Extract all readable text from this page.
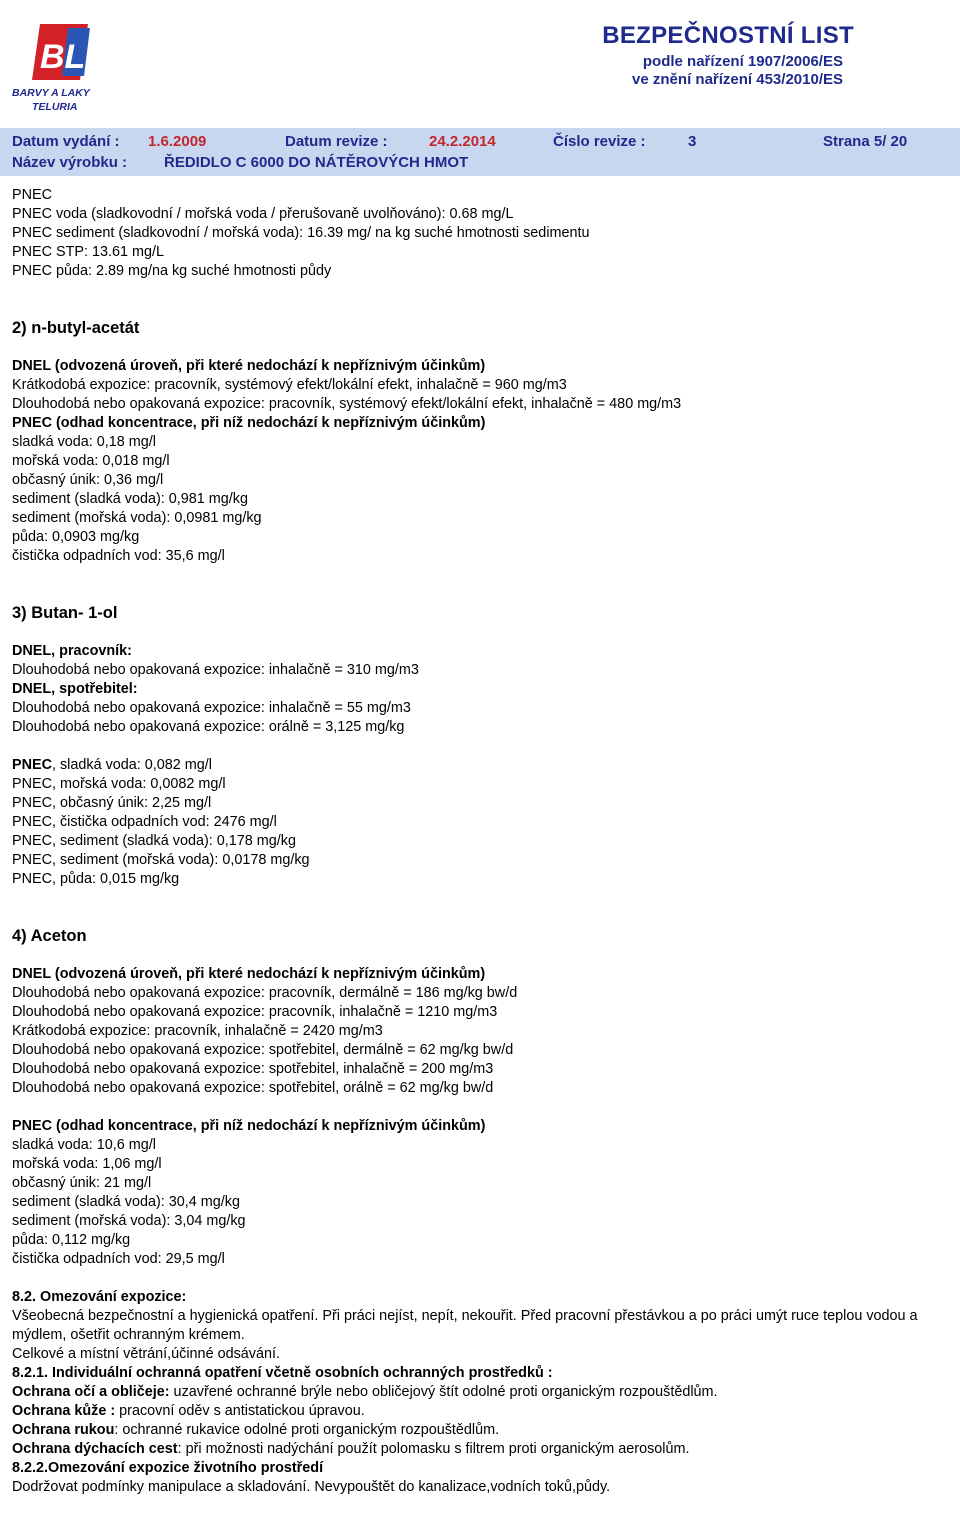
BL
BARVY A LAKY
TELURIA
BEZPEČNOSTNÍ LIST
podle nařízení 1907/2006/ES
ve znění nařízení 453/2010/ES
Datum vydání : 1.6.2009	Datum revize :	24.2.2014	Číslo revize :	3	Strana 5/ 20
Název výrobku : ŘEDIDLO C 6000 DO NÁTĚROVÝCH HMOT
PNEC
PNEC voda (sladkovodní / mořská voda / přerušovaně uvolňováno): 0.68 mg/L
PNEC sediment (sladkovodní / mořská voda): 16.39 mg/ na kg suché hmotnosti sedimentu
PNEC STP: 13.61 mg/L
PNEC půda: 2.89 mg/na kg suché hmotnosti půdy
2) n-butyl-acetát
DNEL (odvozená úroveň, při které nedochází k nepříznivým účinkům)
Krátkodobá expozice: pracovník, systémový efekt/lokální efekt, inhalačně = 960 mg/m3
Dlouhodobá nebo opakovaná expozice: pracovník, systémový efekt/lokální efekt, inhalačně = 480 mg/m3
PNEC (odhad koncentrace, při níž nedochází k nepříznivým účinkům)
sladká voda: 0,18 mg/l
mořská voda: 0,018 mg/l
občasný únik: 0,36 mg/l
sediment (sladká voda): 0,981 mg/kg
sediment (mořská voda): 0,0981 mg/kg
půda: 0,0903 mg/kg
čistička odpadních vod: 35,6 mg/l
3) Butan- 1-ol
DNEL, pracovník:
Dlouhodobá nebo opakovaná expozice: inhalačně = 310 mg/m3
DNEL, spotřebitel:
Dlouhodobá nebo opakovaná expozice: inhalačně = 55 mg/m3
Dlouhodobá nebo opakovaná expozice: orálně = 3,125 mg/kg
PNEC, sladká voda: 0,082 mg/l
PNEC, mořská voda: 0,0082 mg/l
PNEC, občasný únik: 2,25 mg/l
PNEC, čistička odpadních vod: 2476 mg/l
PNEC, sediment (sladká voda): 0,178 mg/kg
PNEC, sediment (mořská voda): 0,0178 mg/kg
PNEC, půda: 0,015 mg/kg
4) Aceton
DNEL (odvozená úroveň, při které nedochází k nepříznivým účinkům)
Dlouhodobá nebo opakovaná expozice: pracovník, dermálně = 186 mg/kg bw/d
Dlouhodobá nebo opakovaná expozice: pracovník, inhalačně = 1210 mg/m3
Krátkodobá expozice: pracovník, inhalačně = 2420 mg/m3
Dlouhodobá nebo opakovaná expozice: spotřebitel, dermálně = 62 mg/kg bw/d
Dlouhodobá nebo opakovaná expozice: spotřebitel, inhalačně = 200 mg/m3
Dlouhodobá nebo opakovaná expozice: spotřebitel, orálně = 62 mg/kg bw/d
PNEC (odhad koncentrace, při níž nedochází k nepříznivým účinkům)
sladká voda: 10,6 mg/l
mořská voda: 1,06 mg/l
občasný únik: 21 mg/l
sediment (sladká voda): 30,4 mg/kg
sediment (mořská voda): 3,04 mg/kg
půda: 0,112 mg/kg
čistička odpadních vod: 29,5 mg/l
8.2. Omezování expozice:
Všeobecná bezpečnostní a hygienická opatření. Při práci nejíst, nepít, nekouřit. Před pracovní přestávkou a po práci umýt ruce teplou vodou a mýdlem, ošetřit ochranným krémem.
Celkové a místní větrání,účinné odsávání.
8.2.1. Individuální ochranná opatření včetně osobních ochranných prostředků :
Ochrana očí a obličeje: uzavřené ochranné brýle nebo obličejový štít odolné proti organickým rozpouštědlům.
Ochrana kůže : pracovní oděv s antistatickou úpravou.
Ochrana rukou: ochranné rukavice odolné proti organickým rozpouštědlům.
Ochrana dýchacích cest: při možnosti nadýchání použít polomasku s filtrem proti organickým aerosolům.
8.2.2.Omezování expozice životního prostředí
Dodržovat podmínky manipulace a skladování. Nevypouštět do kanalizace,vodních toků,půdy.
